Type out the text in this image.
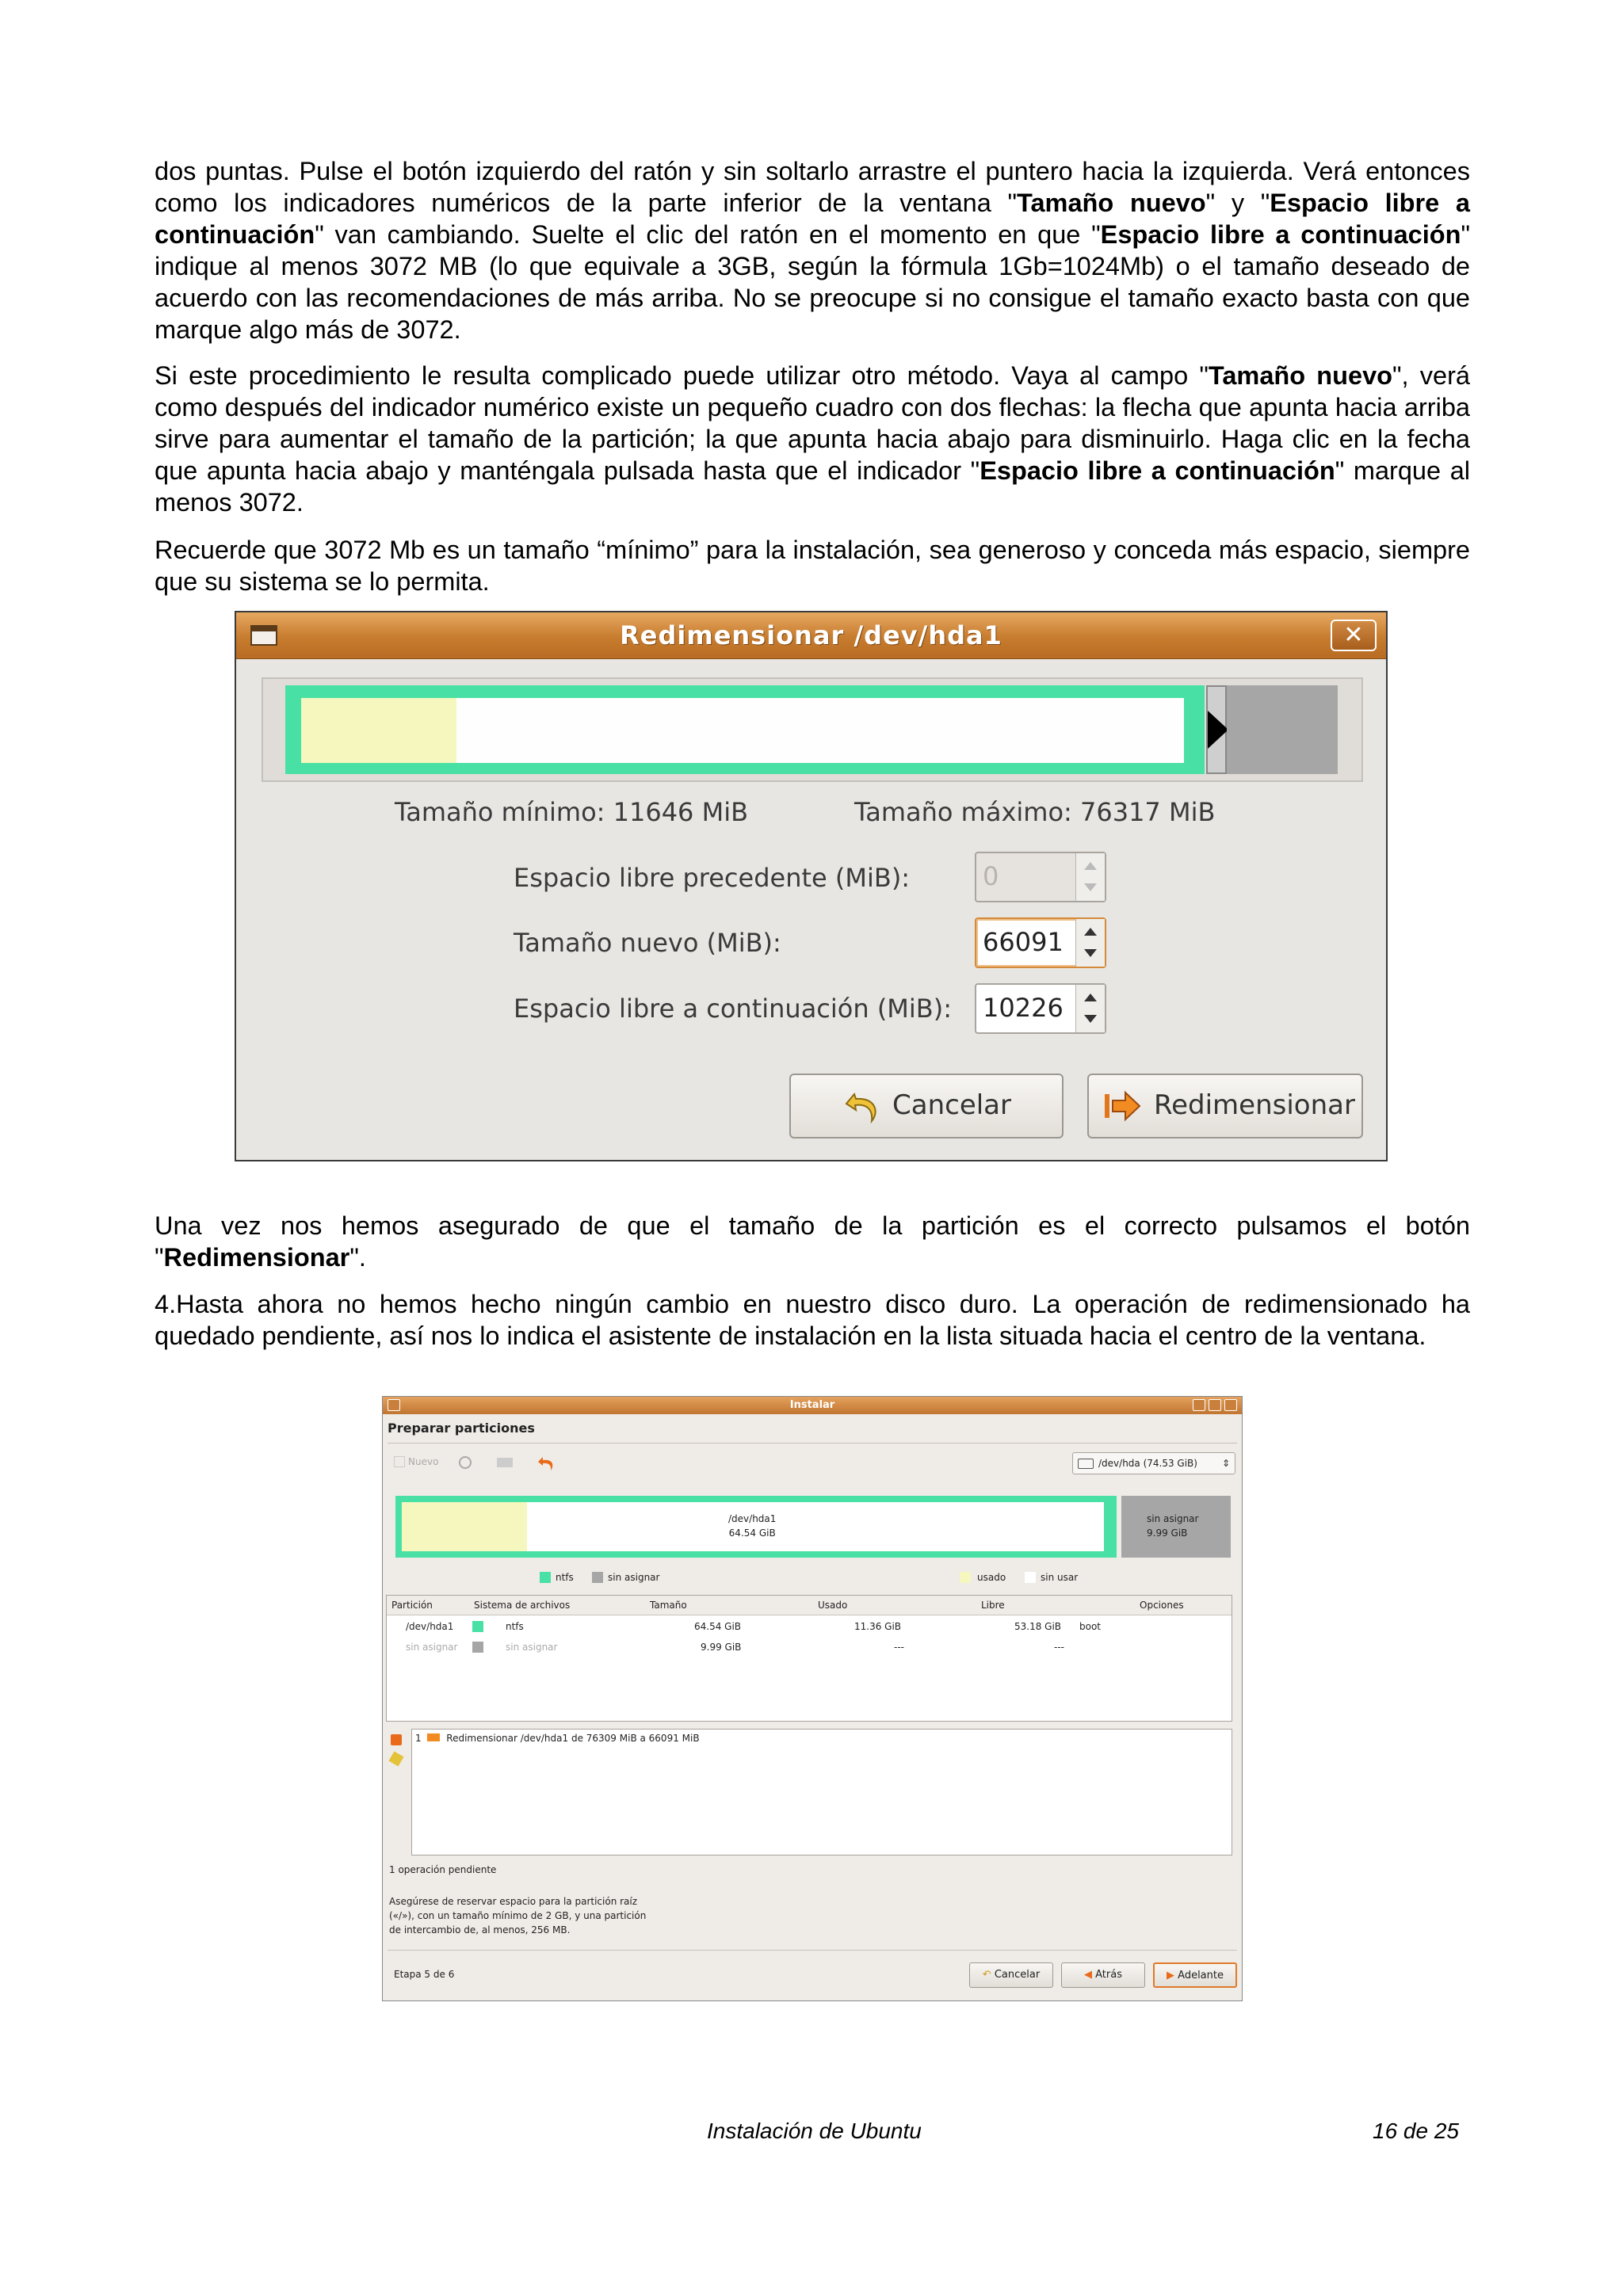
dos puntas. Pulse el botón izquierdo del ratón y sin soltarlo arrastre el puntero hacia la izquierda. Verá entonces como los indicadores numéricos de la parte inferior de la ventana "Tamaño nuevo" y "Espacio libre a continuación" van cambiando. Suelte el clic del ratón en el momento en que "Espacio libre a continuación" indique al menos 3072 MB (lo que equivale a 3GB, según la fórmula 1Gb=1024Mb) o el tamaño deseado de acuerdo con las recomendaciones de más arriba. No se preocupe si no consigue el tamaño exacto basta con que marque algo más de 3072.

Si este procedimiento le resulta complicado puede utilizar otro método. Vaya al campo "Tamaño nuevo", verá como después del indicador numérico existe un pequeño cuadro con dos flechas: la flecha que apunta hacia arriba sirve para aumentar el tamaño de la partición; la que apunta hacia abajo para disminuirlo. Haga clic en la fecha que apunta hacia abajo y manténgala pulsada hasta que el indicador "Espacio libre a continuación" marque al menos 3072.

Recuerde que 3072 Mb es un tamaño “mínimo” para la instalación, sea generoso y conceda más espacio, siempre que su sistema se lo permita.

Redimensionar /dev/hda1	✕
Tamaño mínimo: 11646 MiB	Tamaño máximo: 76317 MiB
Espacio libre precedente (MiB):	0
Tamaño nuevo (MiB):	66091
Espacio libre a continuación (MiB): 10226
Cancelar	Redimensionar

Una vez nos hemos asegurado de que el tamaño de la partición es el correcto pulsamos el botón "Redimensionar".

4.Hasta ahora no hemos hecho ningún cambio en nuestro disco duro. La operación de redimensionado ha quedado pendiente, así nos lo indica el asistente de instalación en la lista situada hacia el centro de la ventana.

Instalar
Preparar particiones
Nuevo	/dev/hda (74.53 GiB)	⇕
/dev/hda1
64.54 GiB
sin asignar
9.99 GiB
ntfs	sin asignar	usado	sin usar
Partición	Sistema de archivos	Tamaño	Usado	Libre	Opciones
/dev/hda1	ntfs	64.54 GiB	11.36 GiB	53.18 GiB boot
sin asignar	sin asignar	9.99 GiB	---	---
1	Redimensionar /dev/hda1 de 76309 MiB a 66091 MiB
1 operación pendiente
Asegúrese de reservar espacio para la partición raíz
(«/»), con un tamaño mínimo de 2 GB, y una partición
de intercambio de, al menos, 256 MB.
Etapa 5 de 6	↶ Cancelar	◀ Atrás	▶ Adelante
Instalación de Ubuntu	16 de 25
